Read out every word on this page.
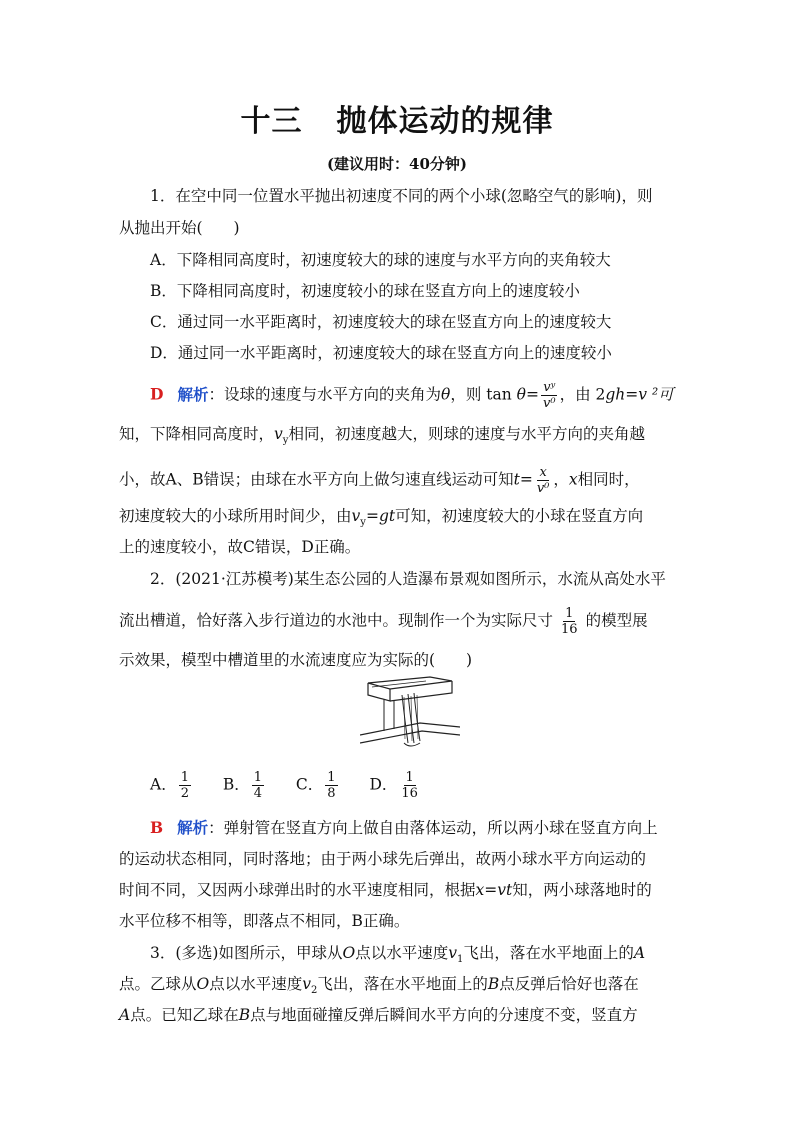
十三 抛体运动的规律
(建议用时：40分钟)
1．在空中同一位置水平抛出初速度不同的两个小球(忽略空气的影响)，则
从抛出开始(　　)
A．下降相同高度时，初速度较大的球的速度与水平方向的夹角较大
B．下降相同高度时，初速度较小的球在竖直方向上的速度较小
C．通过同一水平距离时，初速度较大的球在竖直方向上的速度较大
D．通过同一水平距离时，初速度较大的球在竖直方向上的速度较小
D 解析：设球的速度与水平方向的夹角为θ，则 $\tan \theta= \frac{\text{vʸ}}{\text{v⁰}}$ ，由 2gh=v ²可
知，下降相同高度时，$v_y$相同，初速度越大，则球的速度与水平方向的夹角越
小，故A、B错误；由球在水平方向上做匀速直线运动可知$t= \frac{x}{\text{v⁰}}$ ，x相同时，
初速度较大的小球所用时间少，由$v_y=gt$可知，初速度较大的小球在竖直方向
上的速度较小，故C错误，D正确。
2．(2021·江苏模考)某生态公园的人造瀑布景观如图所示，水流从高处水平
流出槽道，恰好落入步行道边的水池中。现制作一个为实际尺寸 $\frac{1}{16}$ 的模型展
示效果，模型中槽道里的水流速度应为实际的(　　)
A． $\frac{1}{2}$ B． $\frac{1}{4}$ C． $\frac{1}{8}$ D． $\frac{1}{16}$
B 解析：弹射管在竖直方向上做自由落体运动，所以两小球在竖直方向上
的运动状态相同，同时落地；由于两小球先后弹出，故两小球水平方向运动的
时间不同，又因两小球弹出时的水平速度相同，根据x=vt知，两小球落地时的
水平位移不相等，即落点不相同，B正确。
3．(多选)如图所示，甲球从O点以水平速度$v_1$飞出，落在水平地面上的A
点。乙球从O点以水平速度$v_2$飞出，落在水平地面上的B点反弹后恰好也落在
A点。已知乙球在B点与地面碰撞反弹后瞬间水平方向的分速度不变，竖直方
